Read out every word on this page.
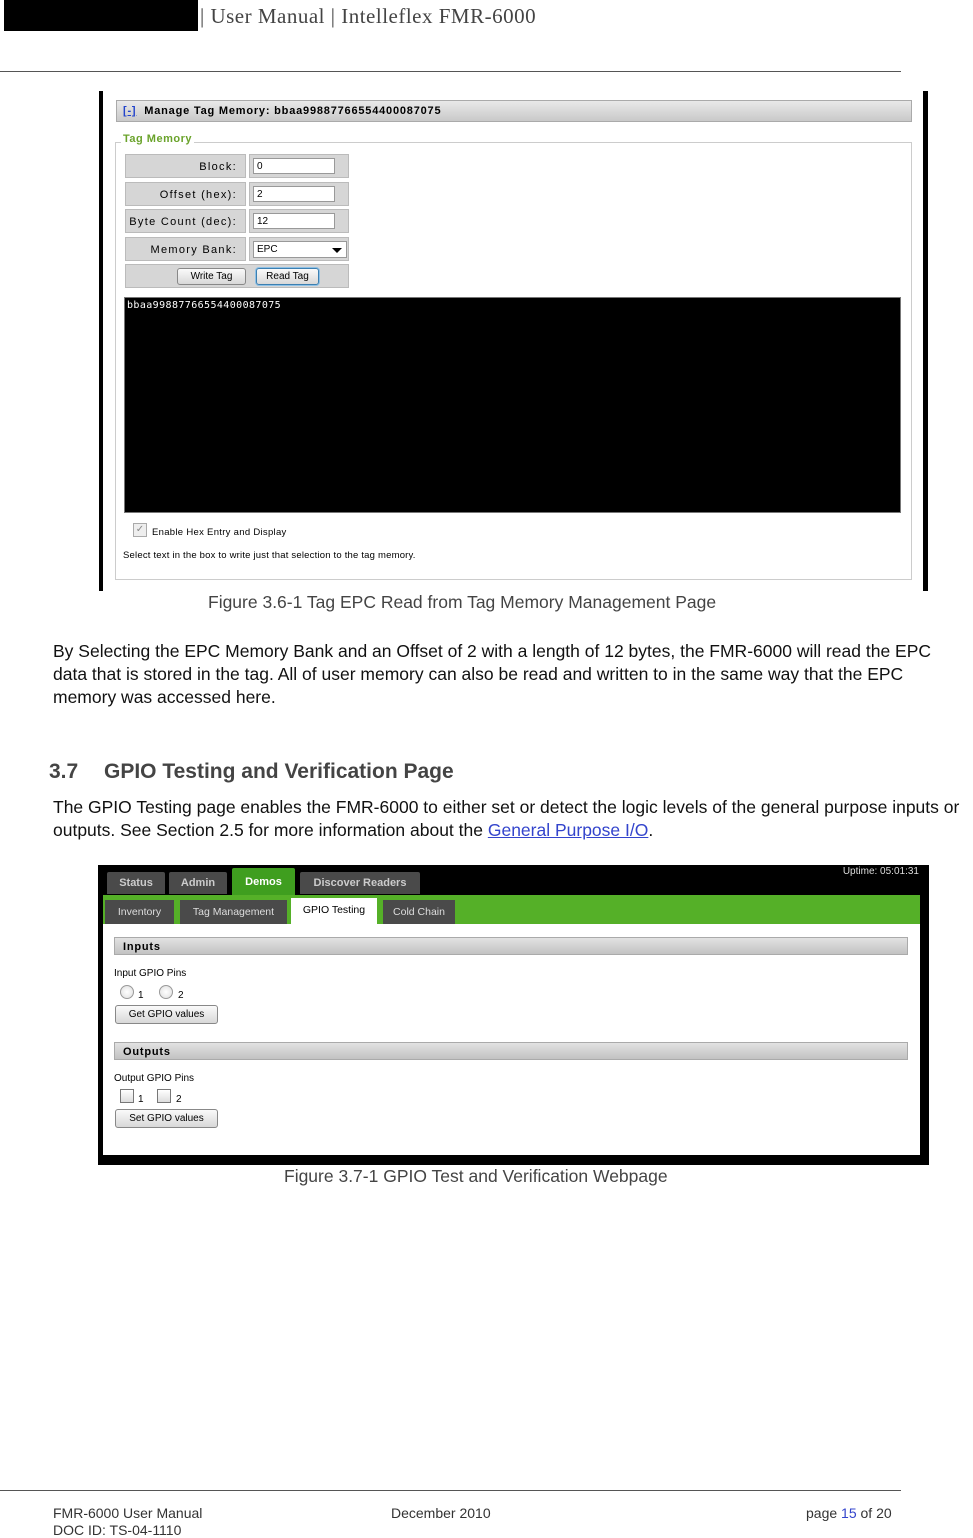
| User Manual | Intelleflex FMR-6000
[-] Manage Tag Memory: bbaa99887766554400087075
Tag Memory
Block:	0
Offset (hex):	2
Byte Count (dec):	12
Memory Bank:	EPC
Write Tag	Read Tag
bbaa99887766554400087075
✓ Enable Hex Entry and Display
Select text in the box to write just that selection to the tag memory.
Figure 3.6-1 Tag EPC Read from Tag Memory Management Page

By Selecting the EPC Memory Bank and an Offset of 2 with a length of 12 bytes, the FMR-6000 will read the EPC data that is stored in the tag. All of user memory can also be read and written to in the same way that the EPC memory was accessed here.

3.7 GPIO Testing and Verification Page

The GPIO Testing page enables the FMR-6000 to either set or detect the logic levels of the general purpose inputs or outputs. See Section 2.5 for more information about the General Purpose I/O.

Status	Admin	Demos	Discover Readers
Uptime: 05:01:31
Inventory	Tag Management	GPIO Testing	Cold Chain
Inputs
Input GPIO Pins
1	2
Get GPIO values
Outputs
Output GPIO Pins
1	2
Set GPIO values
Figure 3.7-1 GPIO Test and Verification Webpage
FMR-6000 User Manual
DOC ID: TS-04-1110
December 2010	page 15 of 20
